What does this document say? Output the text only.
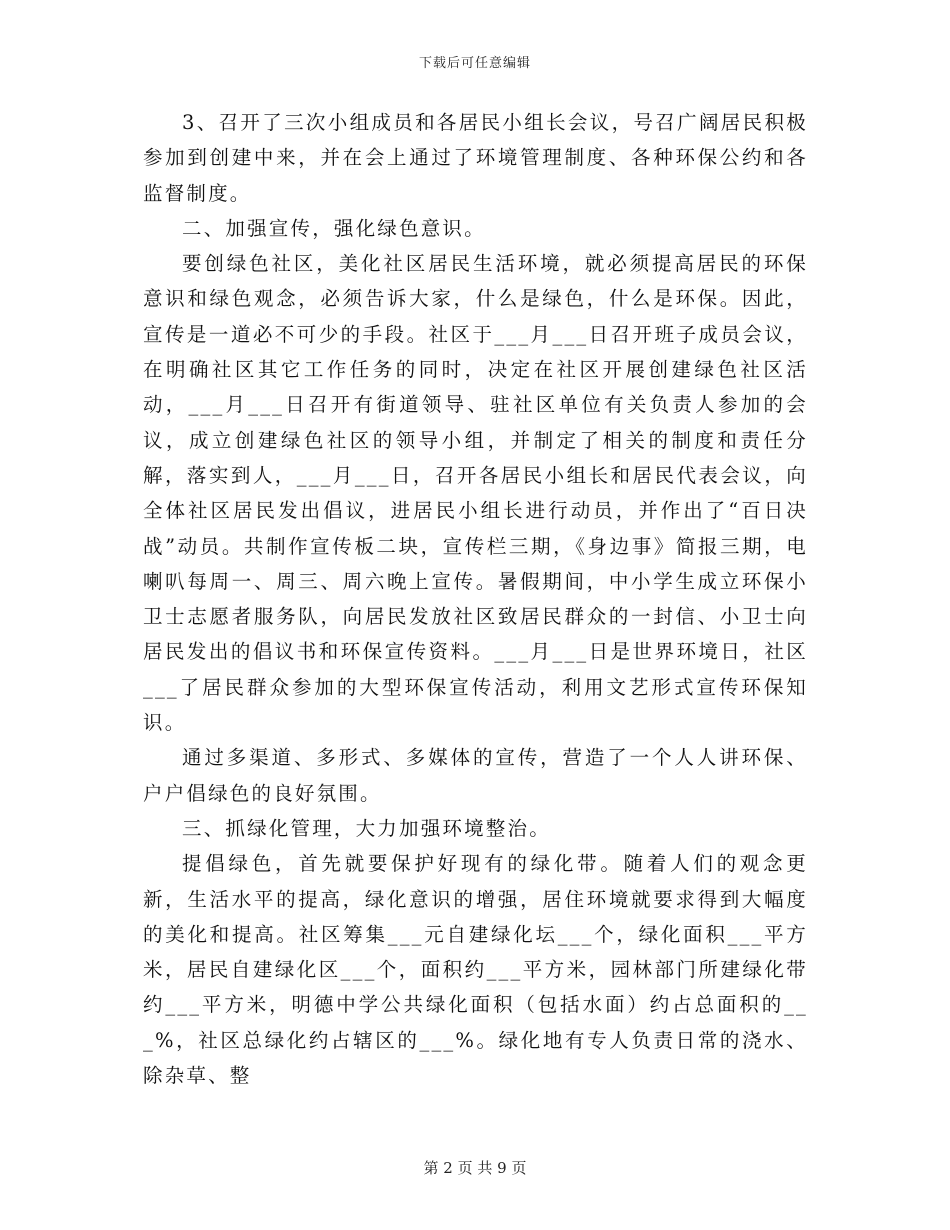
下载后可任意编辑

3、召开了三次小组成员和各居民小组长会议，号召广阔居民积极参加到创建中来，并在会上通过了环境管理制度、各种环保公约和各监督制度。

二、加强宣传，强化绿色意识。

要创绿色社区，美化社区居民生活环境，就必须提高居民的环保意识和绿色观念，必须告诉大家，什么是绿色，什么是环保。因此，宣传是一道必不可少的手段。社区于___月___日召开班子成员会议，在明确社区其它工作任务的同时，决定在社区开展创建绿色社区活动，___月___日召开有街道领导、驻社区单位有关负责人参加的会议，成立创建绿色社区的领导小组，并制定了相关的制度和责任分解，落实到人，___月___日，召开各居民小组长和居民代表会议，向全体社区居民发出倡议，进居民小组长进行动员，并作出了“百日决战”动员。共制作宣传板二块，宣传栏三期，《身边事》简报三期，电喇叭每周一、周三、周六晚上宣传。暑假期间，中小学生成立环保小卫士志愿者服务队，向居民发放社区致居民群众的一封信、小卫士向居民发出的倡议书和环保宣传资料。___月___日是世界环境日，社区___了居民群众参加的大型环保宣传活动，利用文艺形式宣传环保知识。

通过多渠道、多形式、多媒体的宣传，营造了一个人人讲环保、户户倡绿色的良好氛围。

三、抓绿化管理，大力加强环境整治。

提倡绿色，首先就要保护好现有的绿化带。随着人们的观念更新，生活水平的提高，绿化意识的增强，居住环境就要求得到大幅度的美化和提高。社区筹集___元自建绿化坛___个，绿化面积___平方米，居民自建绿化区___个，面积约___平方米，园林部门所建绿化带约___平方米，明德中学公共绿化面积（包括水面）约占总面积的___%，社区总绿化约占辖区的___%。绿化地有专人负责日常的浇水、除杂草、整

第 2 页 共 9 页
